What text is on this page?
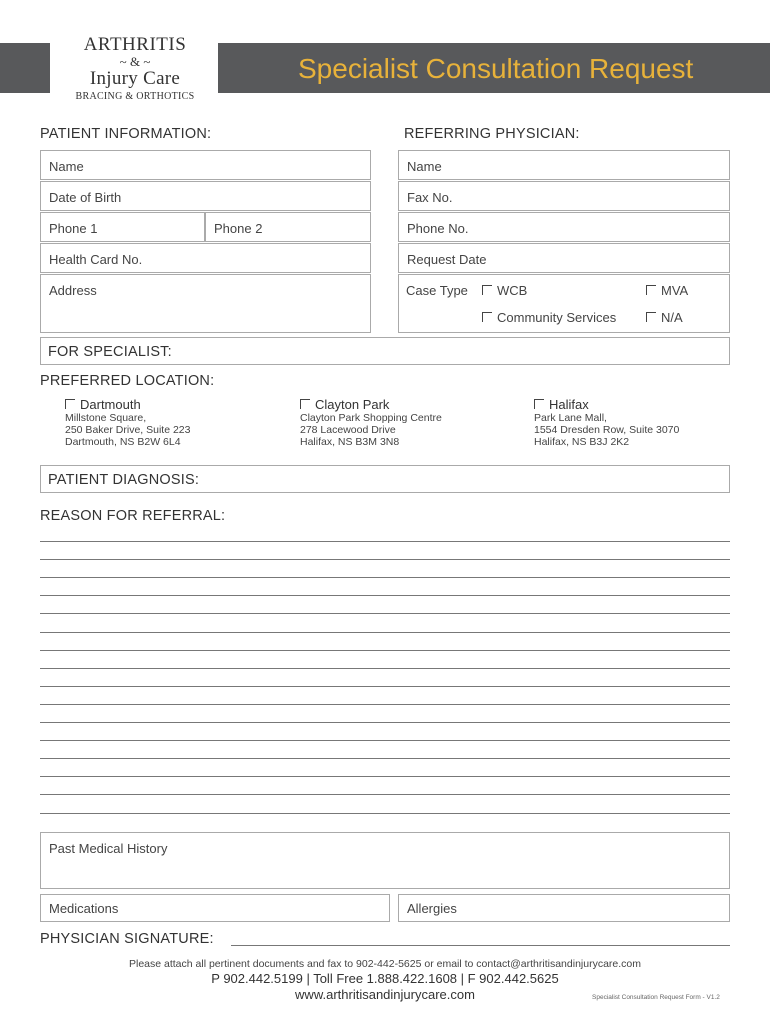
Specialist Consultation Request
ARTHRITIS
~ & ~
Injury Care
BRACING & ORTHOTICS
PATIENT INFORMATION:	REFERRING PHYSICIAN:
Name
Date of Birth
Phone 1	Phone 2
Health Card No.
Address
Name
Fax No.
Phone No.
Request Date
Case Type	WCB	MVA
Community Services	N/A
FOR SPECIALIST:
PREFERRED LOCATION:
Dartmouth
Millstone Square,
250 Baker Drive, Suite 223
Dartmouth, NS B2W 6L4
Clayton Park
Clayton Park Shopping Centre
278 Lacewood Drive
Halifax, NS B3M 3N8
Halifax
Park Lane Mall,
1554 Dresden Row, Suite 3070
Halifax, NS B3J 2K2
PATIENT DIAGNOSIS:
REASON FOR REFERRAL:
Past Medical History
Medications	Allergies
PHYSICIAN SIGNATURE:
Please attach all pertinent documents and fax to 902-442-5625 or email to contact@arthritisandinjurycare.com
P 902.442.5199 | Toll Free 1.888.422.1608 | F 902.442.5625
www.arthritisandinjurycare.com	Specialist Consultation Request Form - V1.2
